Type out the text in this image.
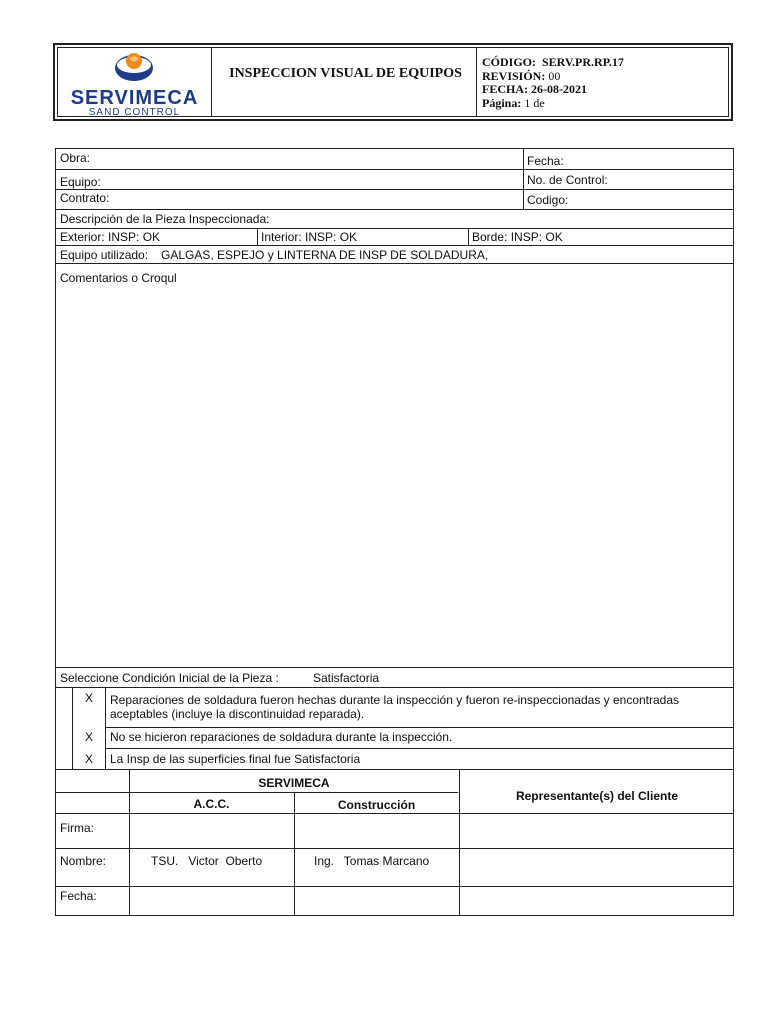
SERVIMECA
SAND CONTROL
INSPECCION VISUAL DE EQUIPOS
CÓDIGO: SERV.PR.RP.17
REVISIÓN: 00
FECHA: 26-08-2021
Página: 1 de
Obra:	Fecha:
Equipo:	No. de Control:
Contrato:	Codigo:
Descripción de la Pieza Inspeccionada:
Exterior: INSP: OK	Interior: INSP: OK	Borde: INSP: OK
Equipo utilizado: GALGAS, ESPEJO y LINTERNA DE INSP DE SOLDADURA,
Comentarios o Croqul
Seleccione Condición Inicial de la Pieza :	Satisfactoria
X Reparaciones de soldadura fueron hechas durante la inspección y fueron re-inspeccionadas y encontradas aceptables (incluye la discontinuidad reparada).
X No se hicieron reparaciones de soldadura durante la inspección.
X La Insp de las superficies final fue Satisfactoria
SERVIMECA
A.C.C.	Construcción
Representante(s) del Cliente
Firma:
Nombre:	TSU.   Victor  Oberto	Ing.   Tomas Marcano
Fecha:
